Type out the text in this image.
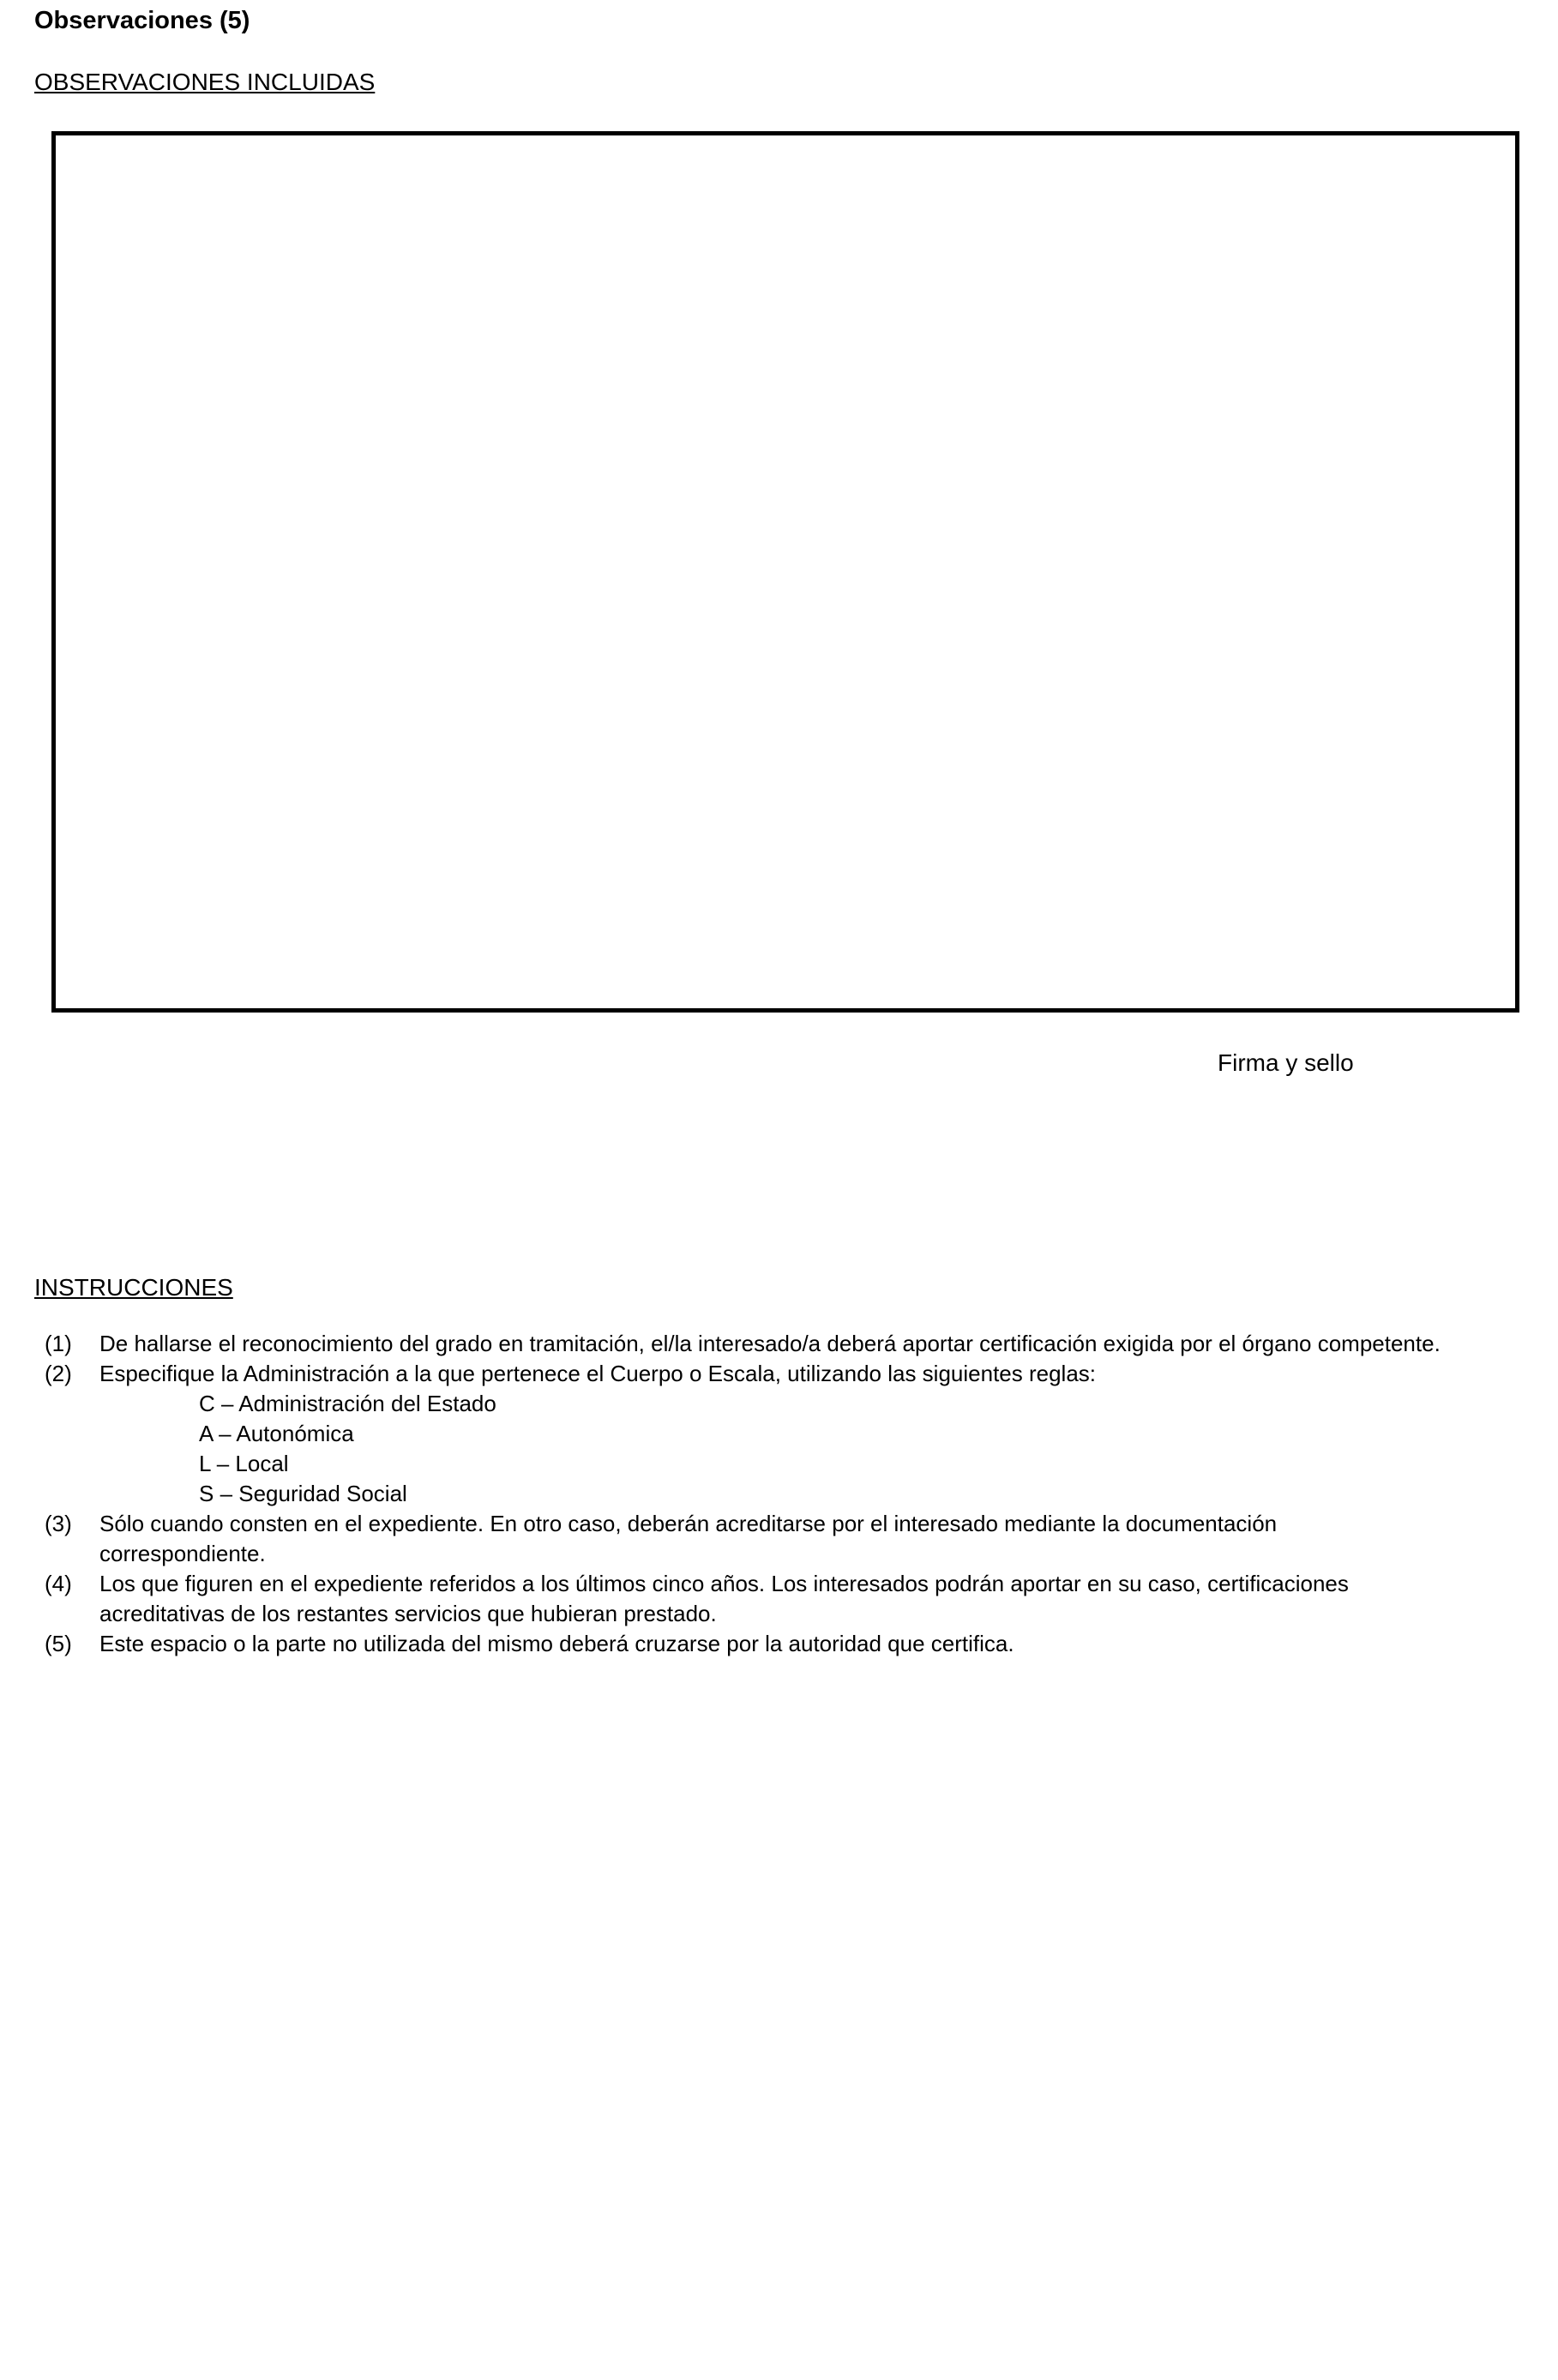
Observaciones (5)
OBSERVACIONES INCLUIDAS
Firma y sello
INSTRUCCIONES
(1) De hallarse el reconocimiento del grado en tramitación, el/la interesado/a deberá aportar certificación exigida por el órgano competente.
(2) Especifique la Administración a la que pertenece el Cuerpo o Escala, utilizando las siguientes reglas:
C – Administración del Estado
A – Autonómica
L – Local
S – Seguridad Social
(3) Sólo cuando consten en el expediente. En otro caso, deberán acreditarse por el interesado mediante la documentación
correspondiente.
(4) Los que figuren en el expediente referidos a los últimos cinco años. Los interesados podrán aportar en su caso, certificaciones
acreditativas de los restantes servicios que hubieran prestado.
(5) Este espacio o la parte no utilizada del mismo deberá cruzarse por la autoridad que certifica.
